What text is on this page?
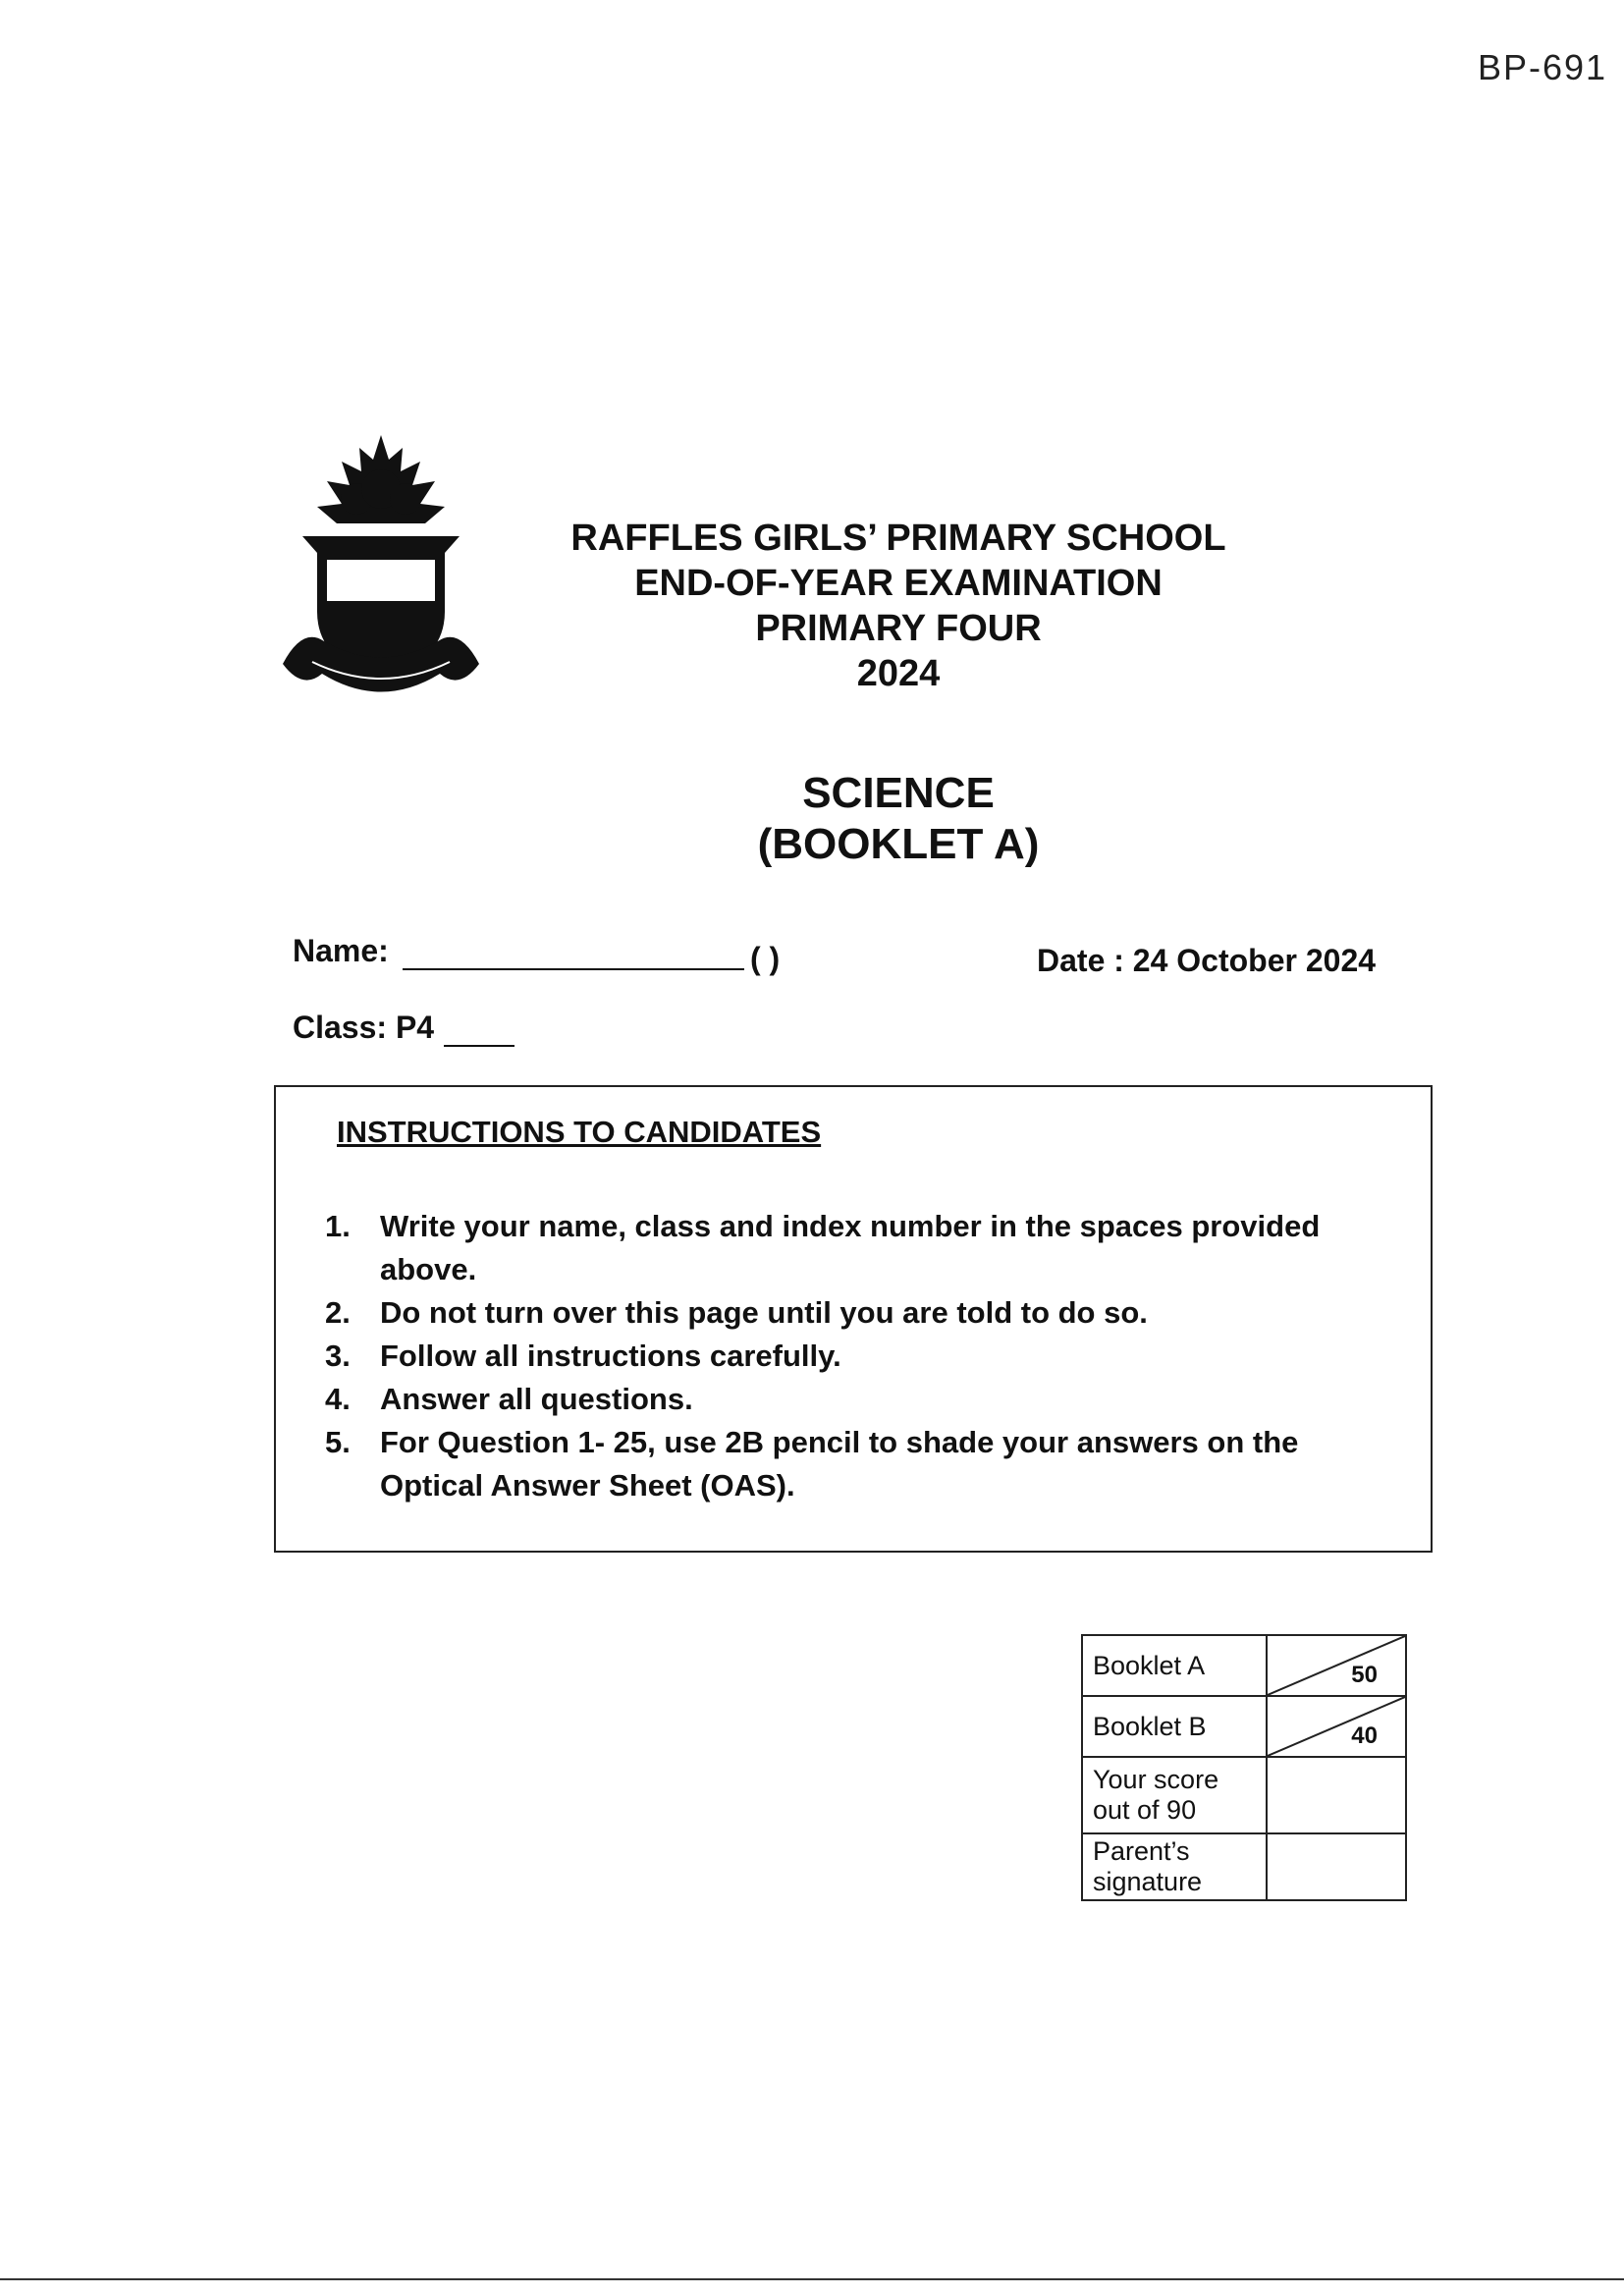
BP-691
RAFFLES GIRLS’ PRIMARY SCHOOL
END-OF-YEAR EXAMINATION
PRIMARY FOUR
2024
SCIENCE
(BOOKLET A)
Name:	( )	Date : 24 October 2024
Class: P4
INSTRUCTIONS TO CANDIDATES
1. Write your name, class and index number in the spaces provided above.
2. Do not turn over this page until you are told to do so.
3. Follow all instructions carefully.
4. Answer all questions.
5. For Question 1- 25, use 2B pencil to shade your answers on the Optical Answer Sheet (OAS).
Booklet A	50

Booklet B	40

Your score out of 90	
Parent’s signature	
